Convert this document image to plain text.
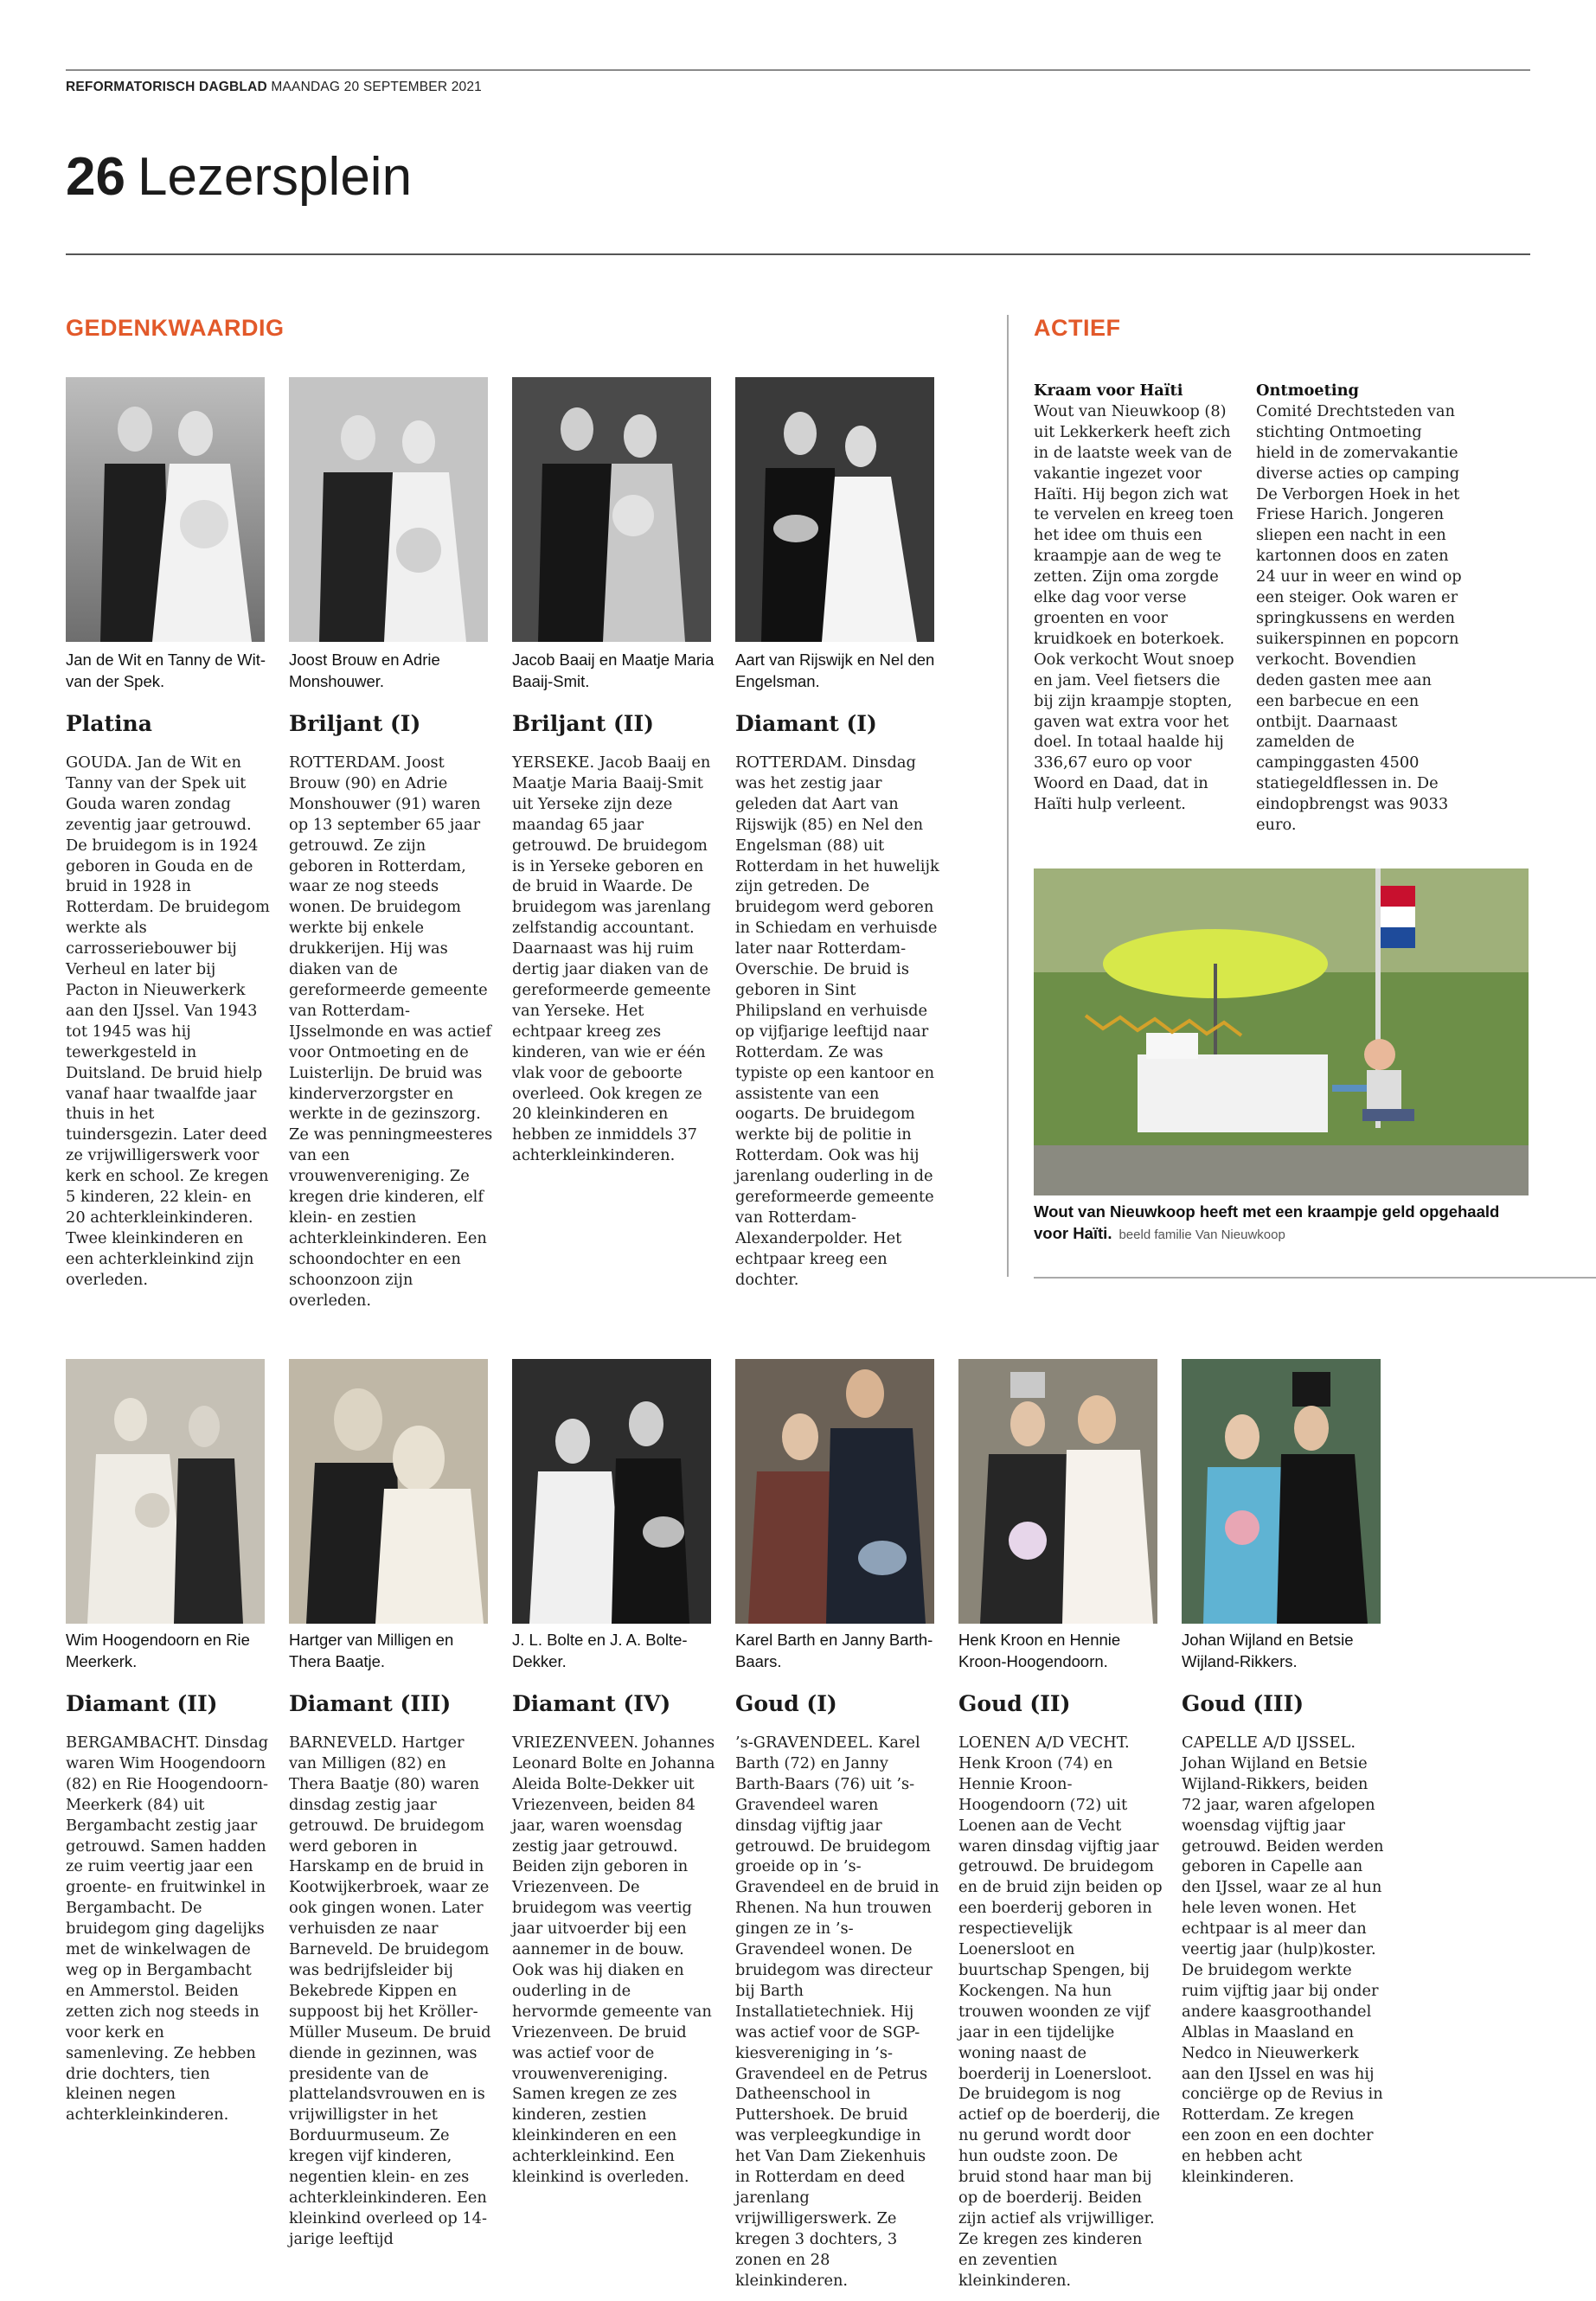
REFORMATORISCH DAGBLAD MAANDAG 20 SEPTEMBER 2021
26 Lezersplein
GEDENKWAARDIG	ACTIEF
Jan de Wit en Tanny de Wit-van der Spek.
Platina
GOUDA. Jan de Wit en Tanny van der Spek uit Gouda waren zondag zeventig jaar getrouwd. De bruidegom is in 1924 geboren in Gouda en de bruid in 1928 in Rotterdam. De bruidegom werkte als carrosseriebouwer bij Verheul en later bij Pacton in Nieuwerkerk aan den IJssel. Van 1943 tot 1945 was hij tewerkgesteld in Duitsland. De bruid hielp vanaf haar twaalfde jaar thuis in het tuindersgezin. Later deed ze vrijwilligerswerk voor kerk en school. Ze kregen 5 kinderen, 22 klein- en 20 achterkleinkinderen. Twee kleinkinderen en een achterkleinkind zijn overleden.
Joost Brouw en Adrie Monshouwer.
Briljant (I)
ROTTERDAM. Joost Brouw (90) en Adrie Monshouwer (91) waren op 13 september 65 jaar getrouwd. Ze zijn geboren in Rotterdam, waar ze nog steeds wonen. De bruidegom werkte bij enkele drukkerijen. Hij was diaken van de gereformeerde gemeente van Rotterdam-IJsselmonde en was actief voor Ontmoeting en de Luisterlijn. De bruid was kinderverzorgster en werkte in de gezinszorg. Ze was penningmeesteres van een vrouwenvereniging. Ze kregen drie kinderen, elf klein- en zestien achterkleinkinderen. Een schoondochter en een schoonzoon zijn overleden.
Jacob Baaij en Maatje Maria Baaij-Smit.
Briljant (II)
YERSEKE. Jacob Baaij en Maatje Maria Baaij-Smit uit Yerseke zijn deze maandag 65 jaar getrouwd. De bruidegom is in Yerseke geboren en de bruid in Waarde. De bruidegom was jarenlang zelfstandig accountant. Daarnaast was hij ruim dertig jaar diaken van de gereformeerde gemeente van Yerseke. Het echtpaar kreeg zes kinderen, van wie er één vlak voor de geboorte overleed. Ook kregen ze 20 kleinkinderen en hebben ze inmiddels 37 achterkleinkinderen.
Aart van Rijswijk en Nel den Engelsman.
Diamant (I)
ROTTERDAM. Dinsdag was het zestig jaar geleden dat Aart van Rijswijk (85) en Nel den Engelsman (88) uit Rotterdam in het huwelijk zijn getreden. De bruidegom werd geboren in Schiedam en verhuisde later naar Rotterdam-Overschie. De bruid is geboren in Sint Philipsland en verhuisde op vijfjarige leeftijd naar Rotterdam. Ze was typiste op een kantoor en assistente van een oogarts. De bruidegom werkte bij de politie in Rotterdam. Ook was hij jarenlang ouderling in de gereformeerde gemeente van Rotterdam-Alexanderpolder. Het echtpaar kreeg een dochter.
Kraam voor Haïti
Wout van Nieuwkoop (8) uit Lekkerkerk heeft zich in de laatste week van de vakantie ingezet voor Haïti. Hij begon zich wat te vervelen en kreeg toen het idee om thuis een kraampje aan de weg te zetten. Zijn oma zorgde elke dag voor verse groenten en voor kruidkoek en boterkoek. Ook verkocht Wout snoep en jam. Veel fietsers die bij zijn kraampje stopten, gaven wat extra voor het doel. In totaal haalde hij 336,67 euro op voor Woord en Daad, dat in Haïti hulp verleent.
Ontmoeting
Comité Drechtsteden van stichting Ontmoeting hield in de zomervakantie diverse acties op camping De Verborgen Hoek in het Friese Harich. Jongeren sliepen een nacht in een kartonnen doos en zaten 24 uur in weer en wind op een steiger. Ook waren er springkussens en werden suikerspinnen en popcorn verkocht. Bovendien deden gasten mee aan een barbecue en een ontbijt. Daarnaast zamelden de campinggasten 4500 statiegeldflessen in. De eindopbrengst was 9033 euro.
Wout van Nieuwkoop heeft met een kraampje geld opgehaald voor Haïti. beeld familie Van Nieuwkoop
Wim Hoogendoorn en Rie Meerkerk.
Diamant (II)
BERGAMBACHT. Dinsdag waren Wim Hoogendoorn (82) en Rie Hoogendoorn-Meerkerk (84) uit Bergambacht zestig jaar getrouwd. Samen hadden ze ruim veertig jaar een groente- en fruitwinkel in Bergambacht. De bruidegom ging dagelijks met de winkelwagen de weg op in Bergambacht en Ammerstol. Beiden zetten zich nog steeds in voor kerk en samenleving. Ze hebben drie dochters, tien kleinen negen achterkleinkinderen.
Hartger van Milligen en Thera Baatje.
Diamant (III)
BARNEVELD. Hartger van Milligen (82) en Thera Baatje (80) waren dinsdag zestig jaar getrouwd. De bruidegom werd geboren in Harskamp en de bruid in Kootwijkerbroek, waar ze ook gingen wonen. Later verhuisden ze naar Barneveld. De bruidegom was bedrijfsleider bij Bekebrede Kippen en suppoost bij het Kröller-Müller Museum. De bruid diende in gezinnen, was presidente van de plattelandsvrouwen en is vrijwilligster in het Borduurmuseum. Ze kregen vijf kinderen, negentien klein- en zes achterkleinkinderen. Een kleinkind overleed op 14-jarige leeftijd
J. L. Bolte en J. A. Bolte-Dekker.
Diamant (IV)
VRIEZENVEEN. Johannes Leonard Bolte en Johanna Aleida Bolte-Dekker uit Vriezenveen, beiden 84 jaar, waren woensdag zestig jaar getrouwd. Beiden zijn geboren in Vriezenveen. De bruidegom was veertig jaar uitvoerder bij een aannemer in de bouw. Ook was hij diaken en ouderling in de hervormde gemeente van Vriezenveen. De bruid was actief voor de vrouwenvereniging. Samen kregen ze zes kinderen, zestien kleinkinderen en een achterkleinkind. Een kleinkind is overleden.
Karel Barth en Janny Barth-Baars.
Goud (I)
’s-GRAVENDEEL. Karel Barth (72) en Janny Barth-Baars (76) uit ’s-Gravendeel waren dinsdag vijftig jaar getrouwd. De bruidegom groeide op in ’s-Gravendeel en de bruid in Rhenen. Na hun trouwen gingen ze in ’s-Gravendeel wonen. De bruidegom was directeur bij Barth Installatietechniek. Hij was actief voor de SGP-kiesvereniging in ’s-Gravendeel en de Petrus Datheenschool in Puttershoek. De bruid was verpleegkundige in het Van Dam Ziekenhuis in Rotterdam en deed jarenlang vrijwilligerswerk. Ze kregen 3 dochters, 3 zonen en 28 kleinkinderen.
Henk Kroon en Hennie Kroon-Hoogendoorn.
Goud (II)
LOENEN A/D VECHT. Henk Kroon (74) en Hennie Kroon-Hoogendoorn (72) uit Loenen aan de Vecht waren dinsdag vijftig jaar getrouwd. De bruidegom en de bruid zijn beiden op een boerderij geboren in respectievelijk Loenersloot en buurtschap Spengen, bij Kockengen. Na hun trouwen woonden ze vijf jaar in een tijdelijke woning naast de boerderij in Loenersloot. De bruidegom is nog actief op de boerderij, die nu gerund wordt door hun oudste zoon. De bruid stond haar man bij op de boerderij. Beiden zijn actief als vrijwilliger. Ze kregen zes kinderen en zeventien kleinkinderen.
Johan Wijland en Betsie Wijland-Rikkers.
Goud (III)
CAPELLE A/D IJSSEL. Johan Wijland en Betsie Wijland-Rikkers, beiden 72 jaar, waren afgelopen woensdag vijftig jaar getrouwd. Beiden werden geboren in Capelle aan den IJssel, waar ze al hun hele leven wonen. Het echtpaar is al meer dan veertig jaar (hulp)koster. De bruidegom werkte ruim vijftig jaar bij onder andere kaasgroothandel Alblas in Maasland en Nedco in Nieuwerkerk aan den IJssel en was hij conciërge op de Revius in Rotterdam. Ze kregen een zoon en een dochter en hebben acht kleinkinderen.
